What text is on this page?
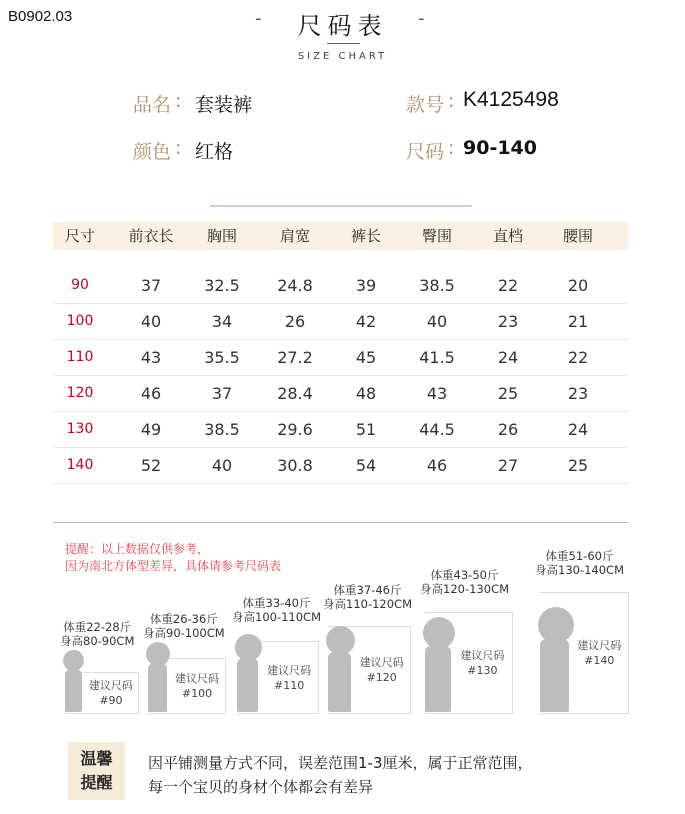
B0902.03	-	尺码表	-
SIZE CHART
品名 : 套装裤	款号 : K4125498
颜色 : 红格	尺码 : 90-140
尺寸	前衣长	胸围	肩宽	裤长	臀围	直档	腰围
90	37	32.5	24.8	39	38.5	22	20
100	40	34	26	42	40	23	21
110	43	35.5	27.2	45	41.5	24	22
120	46	37	28.4	48	43	25	23
130	49	38.5	29.6	51	44.5	26	24
140	52	40	30.8	54	46	27	25
提醒：以上数据仅供参考，
因为南北方体型差异，具体请参考尺码表
体重22-28斤
身高80-90CM
建议尺码
#90
体重26-36斤
身高90-100CM
建议尺码
#100
体重33-40斤
身高100-110CM
建议尺码
#110
体重37-46斤
身高110-120CM
建议尺码
#120
体重43-50斤
身高120-130CM
建议尺码
#130
体重51-60斤
身高130-140CM
建议尺码
#140
温馨
提醒
因平铺测量方式不同，误差范围1-3厘米，属于正常范围，
每一个宝贝的身材个体都会有差异
